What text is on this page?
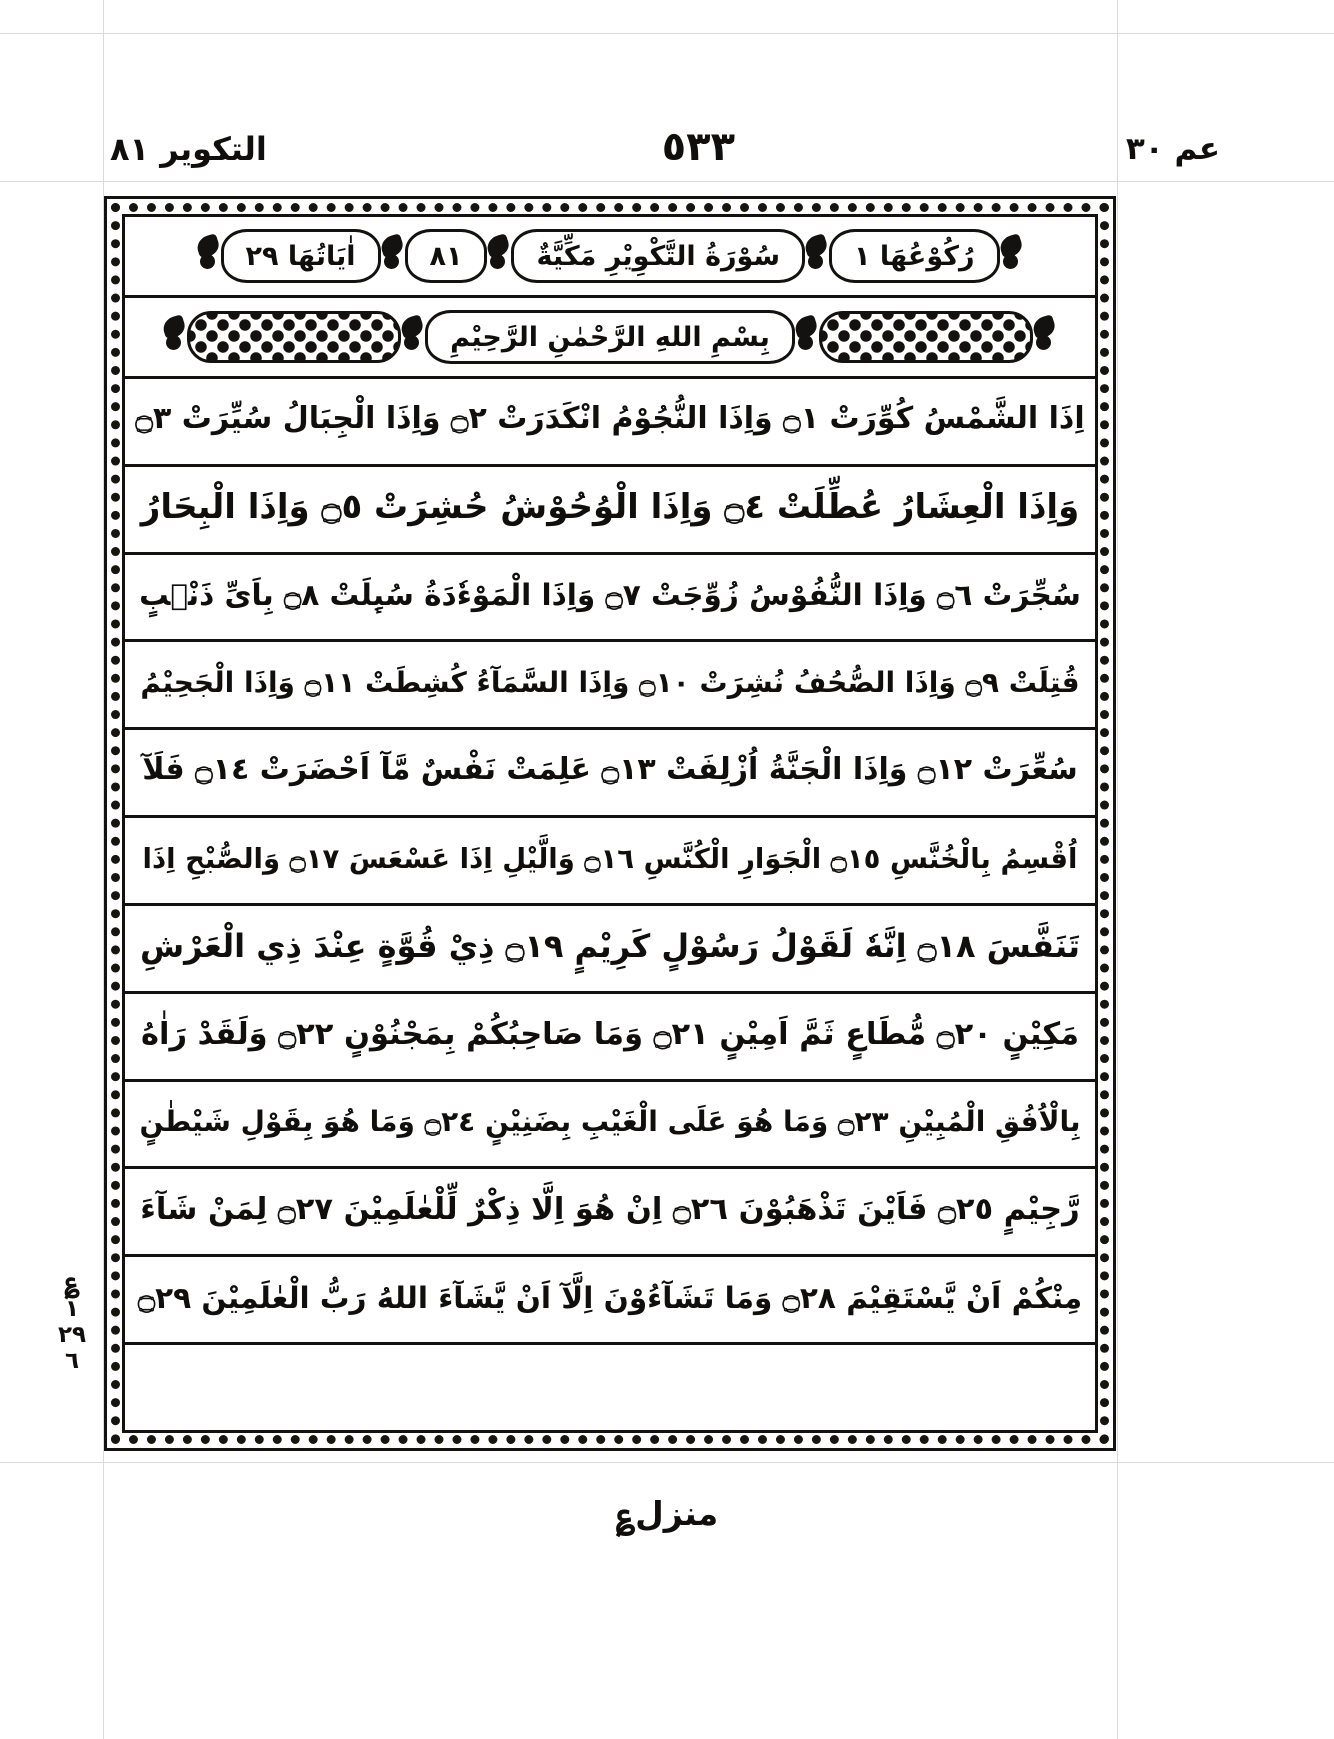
عم ٣٠
٥٣٣
التكوير ٨١
رُكُوْعُهَا ١
سُوْرَةُ التَّكْوِيْرِ مَكِّيَّةٌ
٨١
اٰیَاتُهَا ٢٩
بِسْمِ اللهِ الرَّحْمٰنِ الرَّحِيْمِ
اِذَا الشَّمْسُ كُوِّرَتْ ۝١ وَاِذَا النُّجُوْمُ انْكَدَرَتْ ۝٢ وَاِذَا الْجِبَالُ سُيِّرَتْ ۝٣
وَاِذَا الْعِشَارُ عُطِّلَتْ ۝٤ وَاِذَا الْوُحُوْشُ حُشِرَتْ ۝٥ وَاِذَا الْبِحَارُ
سُجِّرَتْ ۝٦ وَاِذَا النُّفُوْسُ زُوِّجَتْ ۝٧ وَاِذَا الْمَوْءٗدَةُ سُىِٕلَتْ ۝٨ بِاَىِّ ذَنْۢبٍ
قُتِلَتْ ۝٩ وَاِذَا الصُّحُفُ نُشِرَتْ ۝١٠ وَاِذَا السَّمَآءُ كُشِطَتْ ۝١١ وَاِذَا الْجَحِيْمُ
سُعِّرَتْ ۝١٢ وَاِذَا الْجَنَّةُ اُزْلِفَتْ ۝١٣ عَلِمَتْ نَفْسٌ مَّآ اَحْضَرَتْ ۝١٤ فَلَآ
اُقْسِمُ بِالْخُنَّسِ ۝١٥ الْجَوَارِ الْكُنَّسِ ۝١٦ وَالَّيْلِ اِذَا عَسْعَسَ ۝١٧ وَالصُّبْحِ اِذَا
تَنَفَّسَ ۝١٨ اِنَّهٗ لَقَوْلُ رَسُوْلٍ كَرِيْمٍ ۝١٩ ذِيْ قُوَّةٍ عِنْدَ ذِي الْعَرْشِ
مَكِيْنٍ ۝٢٠ مُّطَاعٍ ثَمَّ اَمِيْنٍ ۝٢١ وَمَا صَاحِبُكُمْ بِمَجْنُوْنٍ ۝٢٢ وَلَقَدْ رَاٰهُ
بِالْاُفُقِ الْمُبِيْنِ ۝٢٣ وَمَا هُوَ عَلَى الْغَيْبِ بِضَنِيْنٍ ۝٢٤ وَمَا هُوَ بِقَوْلِ شَيْطٰنٍ
رَّجِيْمٍ ۝٢٥ فَاَيْنَ تَذْهَبُوْنَ ۝٢٦ اِنْ هُوَ اِلَّا ذِكْرٌ لِّلْعٰلَمِيْنَ ۝٢٧ لِمَنْ شَآءَ
مِنْكُمْ اَنْ يَّسْتَقِيْمَ ۝٢٨ وَمَا تَشَآءُوْنَ اِلَّآ اَنْ يَّشَآءَ اللهُ رَبُّ الْعٰلَمِيْنَ ۝٢٩
؏
١
٢٩
٦
منزل؏
